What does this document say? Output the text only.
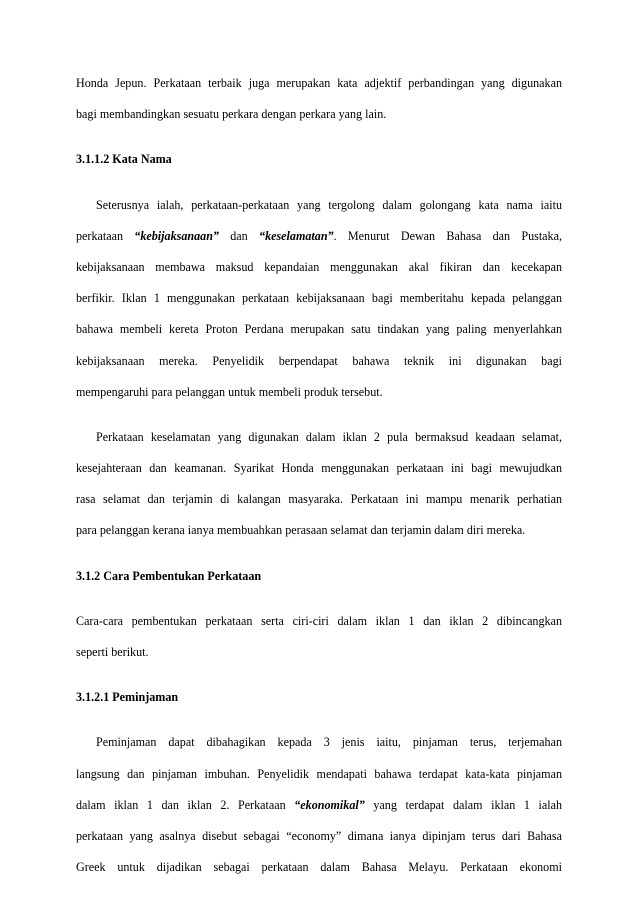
Honda Jepun. Perkataan terbaik juga merupakan kata adjektif perbandingan yang digunakan
bagi membandingkan sesuatu perkara dengan perkara yang lain.
3.1.1.2 Kata Nama
Seterusnya ialah, perkataan-perkataan yang tergolong dalam golongang kata nama iaitu
perkataan “kebijaksanaan” dan “keselamatan”. Menurut Dewan Bahasa dan Pustaka,
kebijaksanaan membawa maksud kepandaian menggunakan akal fikiran dan kecekapan
berfikir. Iklan 1 menggunakan perkataan kebijaksanaan bagi memberitahu kepada pelanggan
bahawa membeli kereta Proton Perdana merupakan satu tindakan yang paling menyerlahkan
kebijaksanaan mereka. Penyelidik berpendapat bahawa teknik ini digunakan bagi
mempengaruhi para pelanggan untuk membeli produk tersebut.
Perkataan keselamatan yang digunakan dalam iklan 2 pula bermaksud keadaan selamat,
kesejahteraan dan keamanan. Syarikat Honda menggunakan perkataan ini bagi mewujudkan
rasa selamat dan terjamin di kalangan masyaraka. Perkataan ini mampu menarik perhatian
para pelanggan kerana ianya membuahkan perasaan selamat dan terjamin dalam diri mereka.
3.1.2 Cara Pembentukan Perkataan
Cara-cara pembentukan perkataan serta ciri-ciri dalam iklan 1 dan iklan 2 dibincangkan
seperti berikut.
3.1.2.1 Peminjaman
Peminjaman dapat dibahagikan kepada 3 jenis iaitu, pinjaman terus, terjemahan
langsung dan pinjaman imbuhan. Penyelidik mendapati bahawa terdapat kata-kata pinjaman
dalam iklan 1 dan iklan 2. Perkataan “ekonomikal” yang terdapat dalam iklan 1 ialah
perkataan yang asalnya disebut sebagai “economy” dimana ianya dipinjam terus dari Bahasa
Greek untuk dijadikan sebagai perkataan dalam Bahasa Melayu. Perkataan ekonomi
